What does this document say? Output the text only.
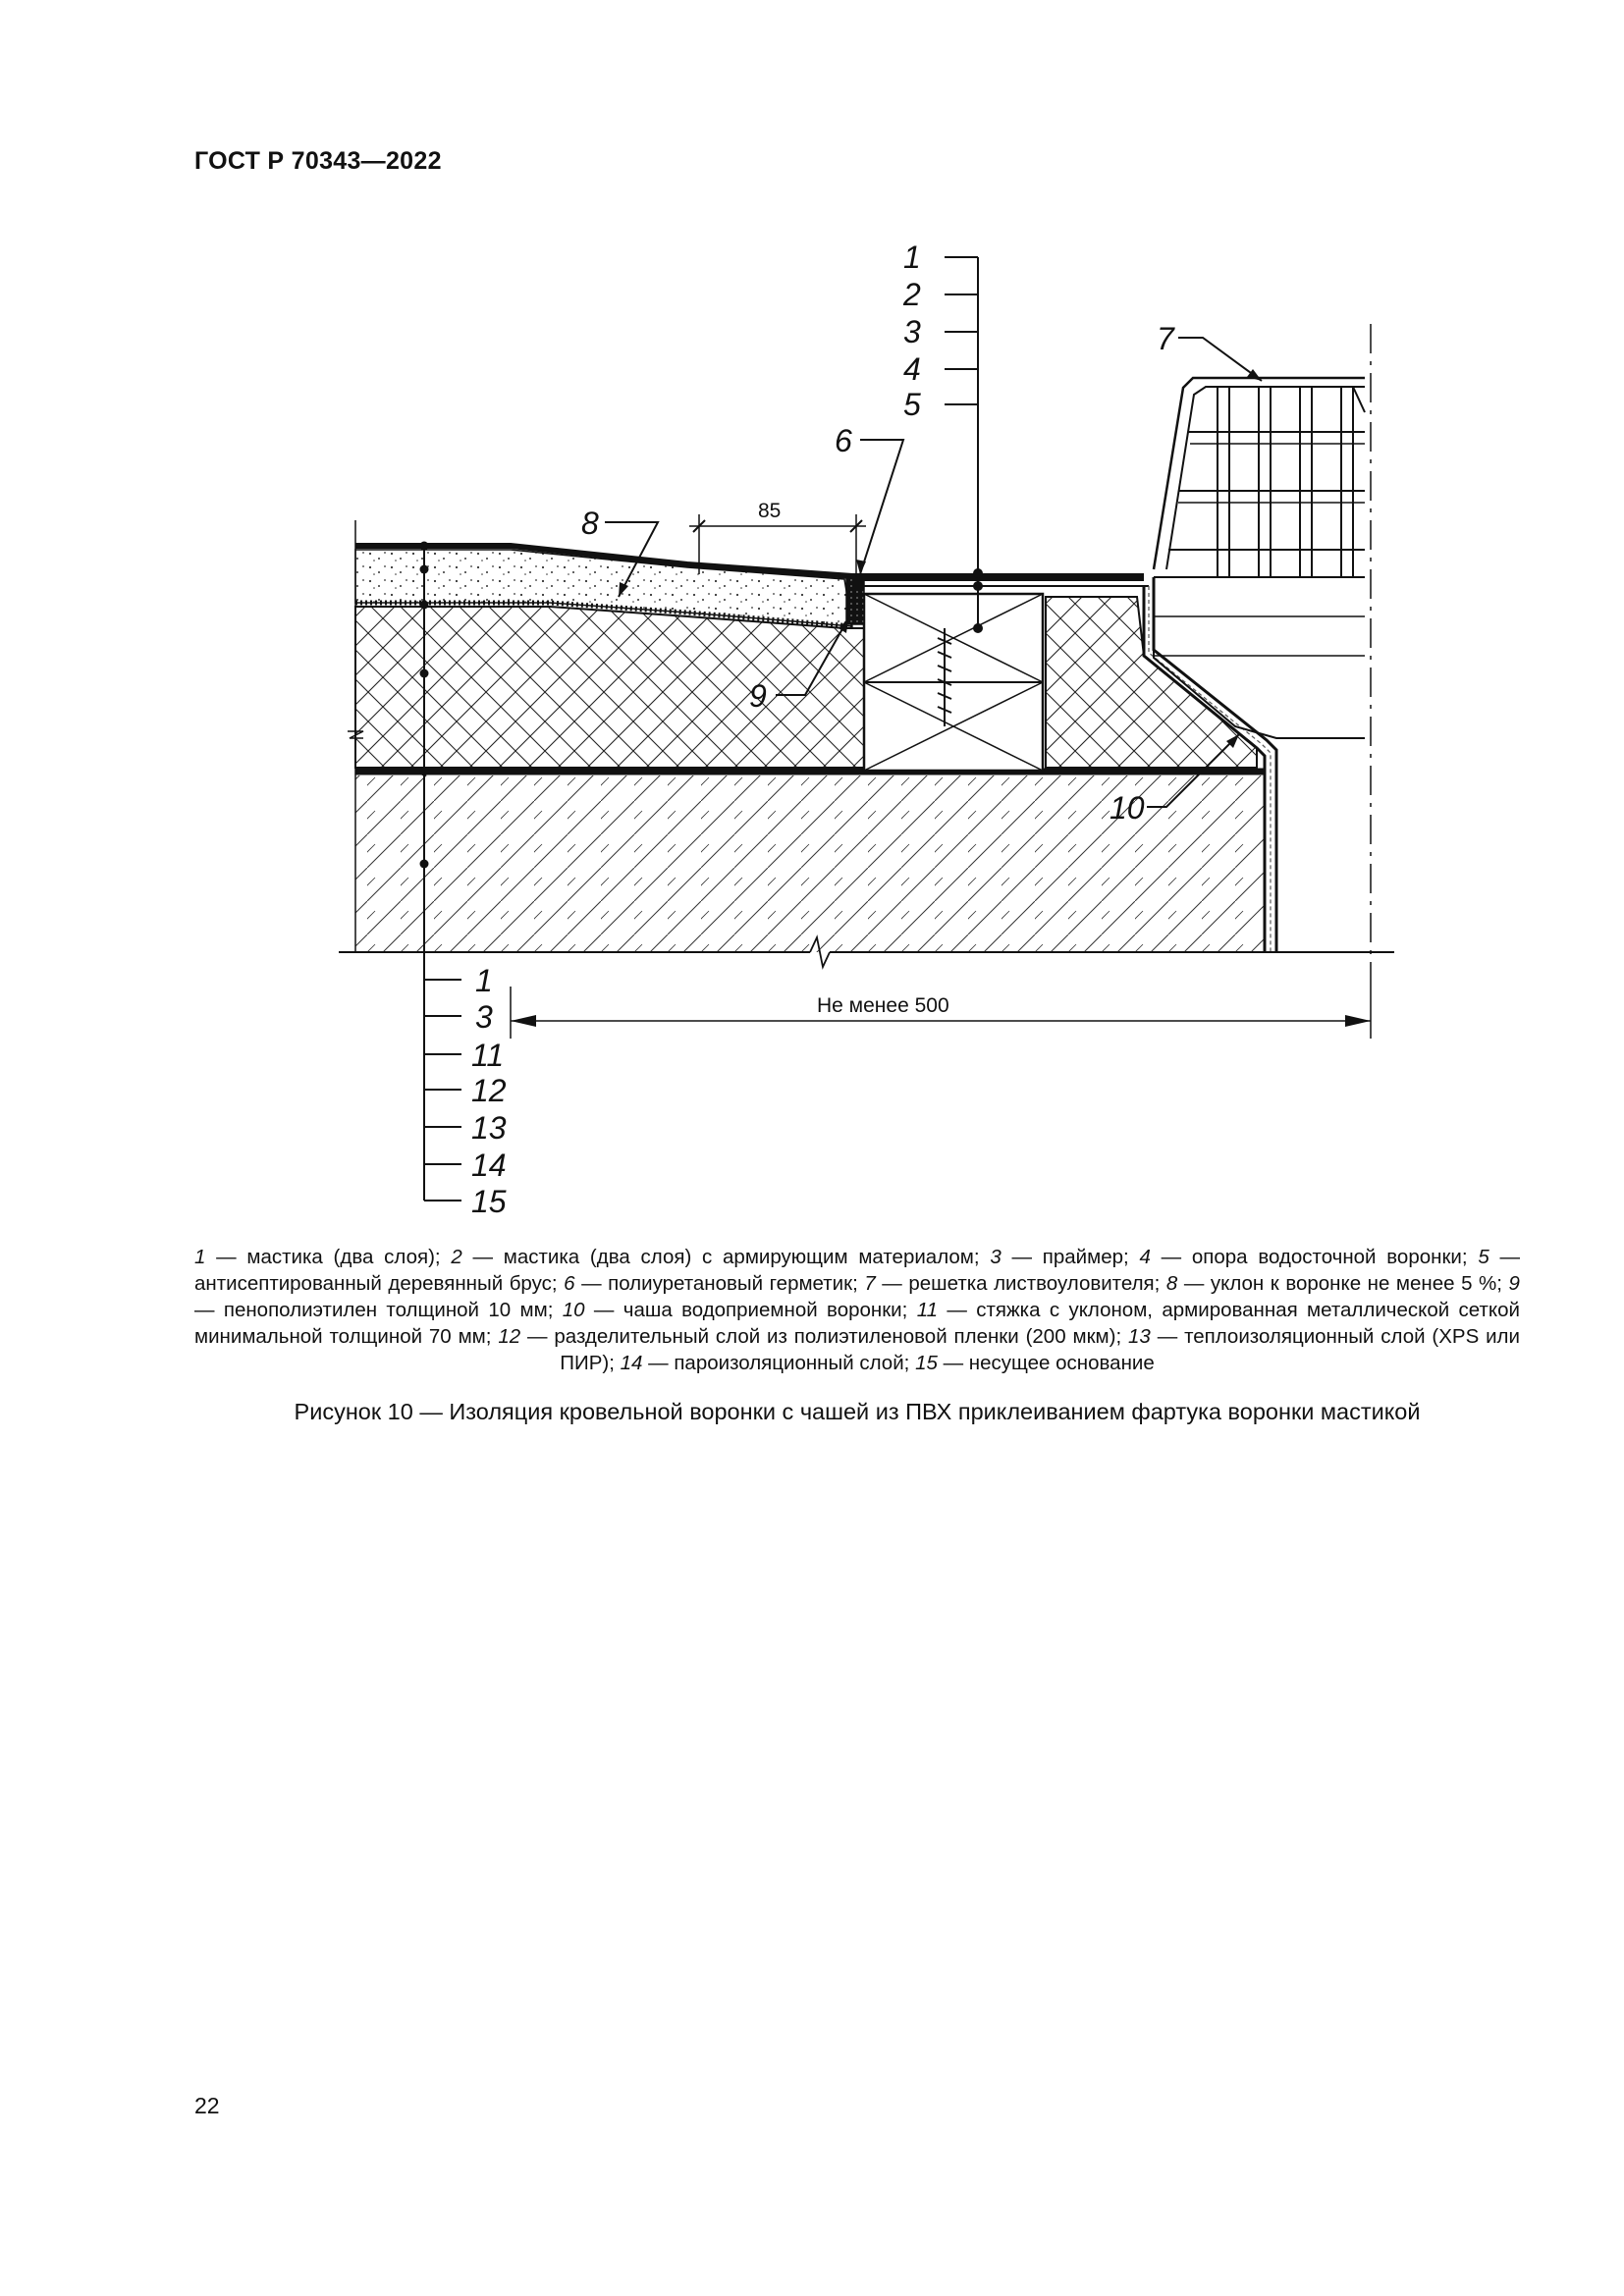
ГОСТ Р 70343—2022
1
2
3
4
5
1
3
11
12
13
14
15
6
7
8
9
10
85
Не менее 500
1 — мастика (два слоя); 2 — мастика (два слоя) с армирующим материалом; 3 — праймер; 4 — опора водосточной воронки; 5 — антисептированный деревянный брус; 6 — полиуретановый герметик; 7 — решетка листвоуловителя; 8 — уклон к воронке не менее 5 %; 9 — пенополиэтилен толщиной 10 мм; 10 — чаша водоприемной воронки; 11 — стяжка с уклоном, армированная металлической сеткой минимальной толщиной 70 мм; 12 — разделительный слой из полиэтиленовой пленки (200 мкм); 13 — теплоизоляционный слой (XPS или ПИР); 14 — пароизоляционный слой; 15 — несущее основание
Рисунок 10 — Изоляция кровельной воронки с чашей из ПВХ приклеиванием фартука воронки мастикой
22
